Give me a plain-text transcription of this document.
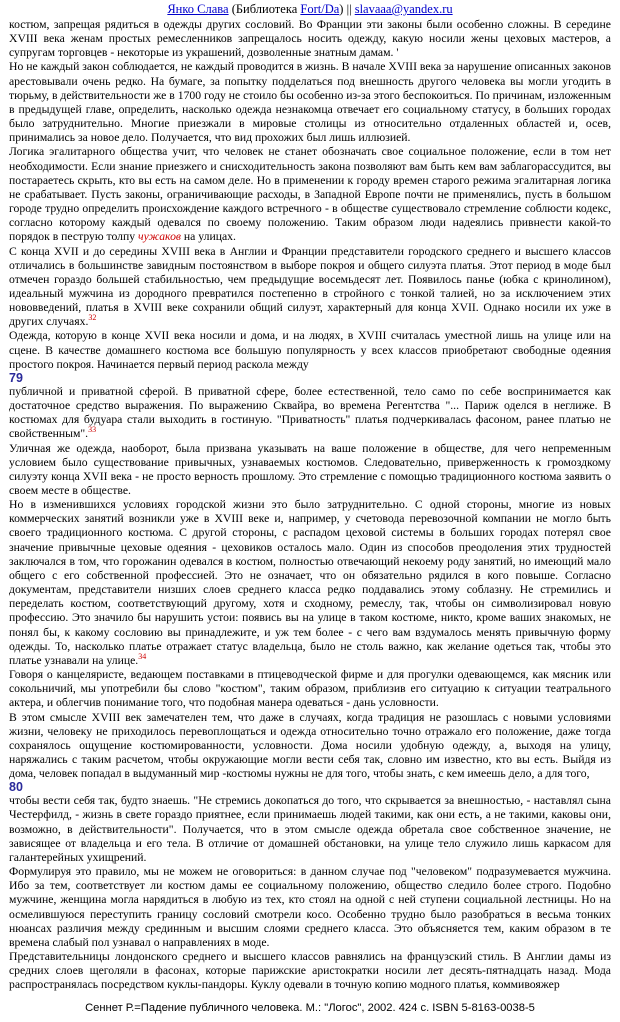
Янко Слава (Библиотека Fort/Da) || slavaaa@yandex.ru

костюм, запрещая рядиться в одежды других сословий. Во Франции эти законы были особенно сложны. В середине XVIII века женам простых ремесленников запрещалось носить одежду, какую носили жены цеховых мастеров, а супругам торговцев - некоторые из украшений, дозволенные знатным дамам. '

Но не каждый закон соблюдается, не каждый проводится в жизнь. В начале XVIII века за нарушение описанных законов арестовывали очень редко. На бумаге, за попытку подделаться под внешность другого человека вы могли угодить в тюрьму, в действительности же в 1700 году не стоило бы особенно из-за этого беспокоиться. По причинам, изложенным в предыдущей главе, определить, насколько одежда незнакомца отвечает его социальному статусу, в больших городах было затруднительно. Многие приезжали в мировые столицы из относительно отдаленных областей и, осев, принимались за новое дело. Получается, что вид прохожих был лишь иллюзией.

Логика эгалитарного общества учит, что человек не станет обозначать свое социальное положение, если в том нет необходимости. Если знание приезжего и снисходительность закона позволяют вам быть кем вам заблагорассудится, вы постараетесь скрыть, кто вы есть на самом деле. Но в применении к городу времен старого режима эгалитарная логика не срабатывает. Пусть законы, ограничивающие расходы, в Западной Европе почти не применялись, пусть в большом городе трудно определить происхождение каждого встречного - в обществе существовало стремление соблюсти кодекс, согласно которому каждый одевался по своему положению. Таким образом люди надеялись привнести какой-то порядок в пеструю толпу чужаков на улицах.

С конца XVII и до середины XVIII века в Англии и Франции представители городского среднего и высшего классов отличались в большинстве завидным постоянством в выборе покроя и общего силуэта платья. Этот период в моде был отмечен гораздо большей стабильностью, чем предыдущие восемьдесят лет. Появилось панье (юбка с кринолином), идеальный мужчина из дородного превратился постепенно в стройного с тонкой талией, но за исключением этих нововведений, платья в XVIII веке сохранили общий силуэт, характерный для конца XVII. Однако носили их уже в других случаях.$^{32}$

Одежда, которую в конце XVII века носили и дома, и на людях, в XVIII считалась уместной лишь на улице или на сцене. В качестве домашнего костюма все большую популярность у всех классов приобретают свободные одеяния простого покроя. Начинается первый период раскола между

79

публичной и приватной сферой. В приватной сфере, более естественной, тело само по себе воспринимается как достаточное средство выражения. По выражению Сквайра, во времена Регентства "... Париж оделся в неглиже. В костюмах для будуара стали выходить в гостиную. "Приватность" платья подчеркивалась фасоном, ранее платью не свойственным".$^{33}$

Уличная же одежда, наоборот, была призвана указывать на ваше положение в обществе, для чего непременным условием было существование привычных, узнаваемых костюмов. Следовательно, приверженность к громоздкому силуэту конца XVII века - не просто верность прошлому. Это стремление с помощью традиционного костюма заявить о своем месте в обществе.

Но в изменившихся условиях городской жизни это было затруднительно. С одной стороны, многие из новых коммерческих занятий возникли уже в XVIII веке и, например, у счетовода перевозочной компании не могло быть своего традиционного костюма. С другой стороны, с распадом цеховой системы в больших городах потерял свое значение привычные цеховые одеяния - цеховиков осталось мало. Один из способов преодоления этих трудностей заключался в том, что горожанин одевался в костюм, полностью отвечающий некоему роду занятий, но имеющий мало общего с его собственной профессией. Это не означает, что он обязательно рядился в кого повыше. Согласно документам, представители низших слоев среднего класса редко поддавались этому соблазну. Не стремились и переделать костюм, соответствующий другому, хотя и сходному, ремеслу, так, чтобы он символизировал новую профессию. Это значило бы нарушить устои: появись вы на улице в таком костюме, никто, кроме ваших знакомых, не понял бы, к какому сословию вы принадлежите, и уж тем более - с чего вам вздумалось менять привычную форму одежды. То, насколько платье отражает статус владельца, было не столь важно, как желание одеться так, чтобы это платье узнавали на улице.$^{34}$

Говоря о канцеляристе, ведающем поставками в птицеводческой фирме и для прогулки одевающемся, как мясник или сокольничий, мы употребили бы слово "костюм", таким образом, приблизив его ситуацию к ситуации театрального актера, и облегчив понимание того, что подобная манера одеваться - дань условности.

В этом смысле XVIII век замечателен тем, что даже в случаях, когда традиция не разошлась с новыми условиями жизни, человеку не приходилось перевоплощаться и одежда относительно точно отражало его положение, даже тогда сохранялось ощущение костюмированности, условности. Дома носили удобную одежду, а, выходя на улицу, наряжались с таким расчетом, чтобы окружающие могли вести себя так, словно им известно, кто вы есть. Выйдя из дома, человек попадал в выдуманный мир -костюмы нужны не для того, чтобы знать, с кем имеешь дело, а для того,

80

чтобы вести себя так, будто знаешь. "Не стремись докопаться до того, что скрывается за внешностью, - наставлял сына Честерфилд, - жизнь в свете гораздо приятнее, если принимаешь людей такими, как они есть, а не такими, каковы они, возможно, в действительности". Получается, что в этом смысле одежда обретала свое собственное значение, не зависящее от владельца и его тела. В отличие от домашней обстановки, на улице тело служило лишь каркасом для галантерейных ухищрений.

Формулируя это правило, мы не можем не оговориться: в данном случае под "человеком" подразумевается мужчина. Ибо за тем, соответствует ли костюм дамы ее социальному положению, общество следило более строго. Подобно мужчине, женщина могла нарядиться в любую из тех, кто стоял на одной с ней ступени социальной лестницы. Но на осмелившуюся переступить границу сословий смотрели косо. Особенно трудно было разобраться в весьма тонких нюансах различия между срединным и высшим слоями среднего класса. Это объясняется тем, каким образом в те времена слабый пол узнавал о направлениях в моде.

Представительницы лондонского среднего и высшего классов равнялись на французский стиль. В Англии дамы из средних слоев щеголяли в фасонах, которые парижские аристократки носили лет десять-пятнадцать назад. Мода распространялась посредством куклы-пандоры. Куклу одевали в точную копию модного платья, коммивояжер

Сеннет Р.=Падение публичного человека. М.: "Логос", 2002. 424 с. ISBN 5-8163-0038-5
